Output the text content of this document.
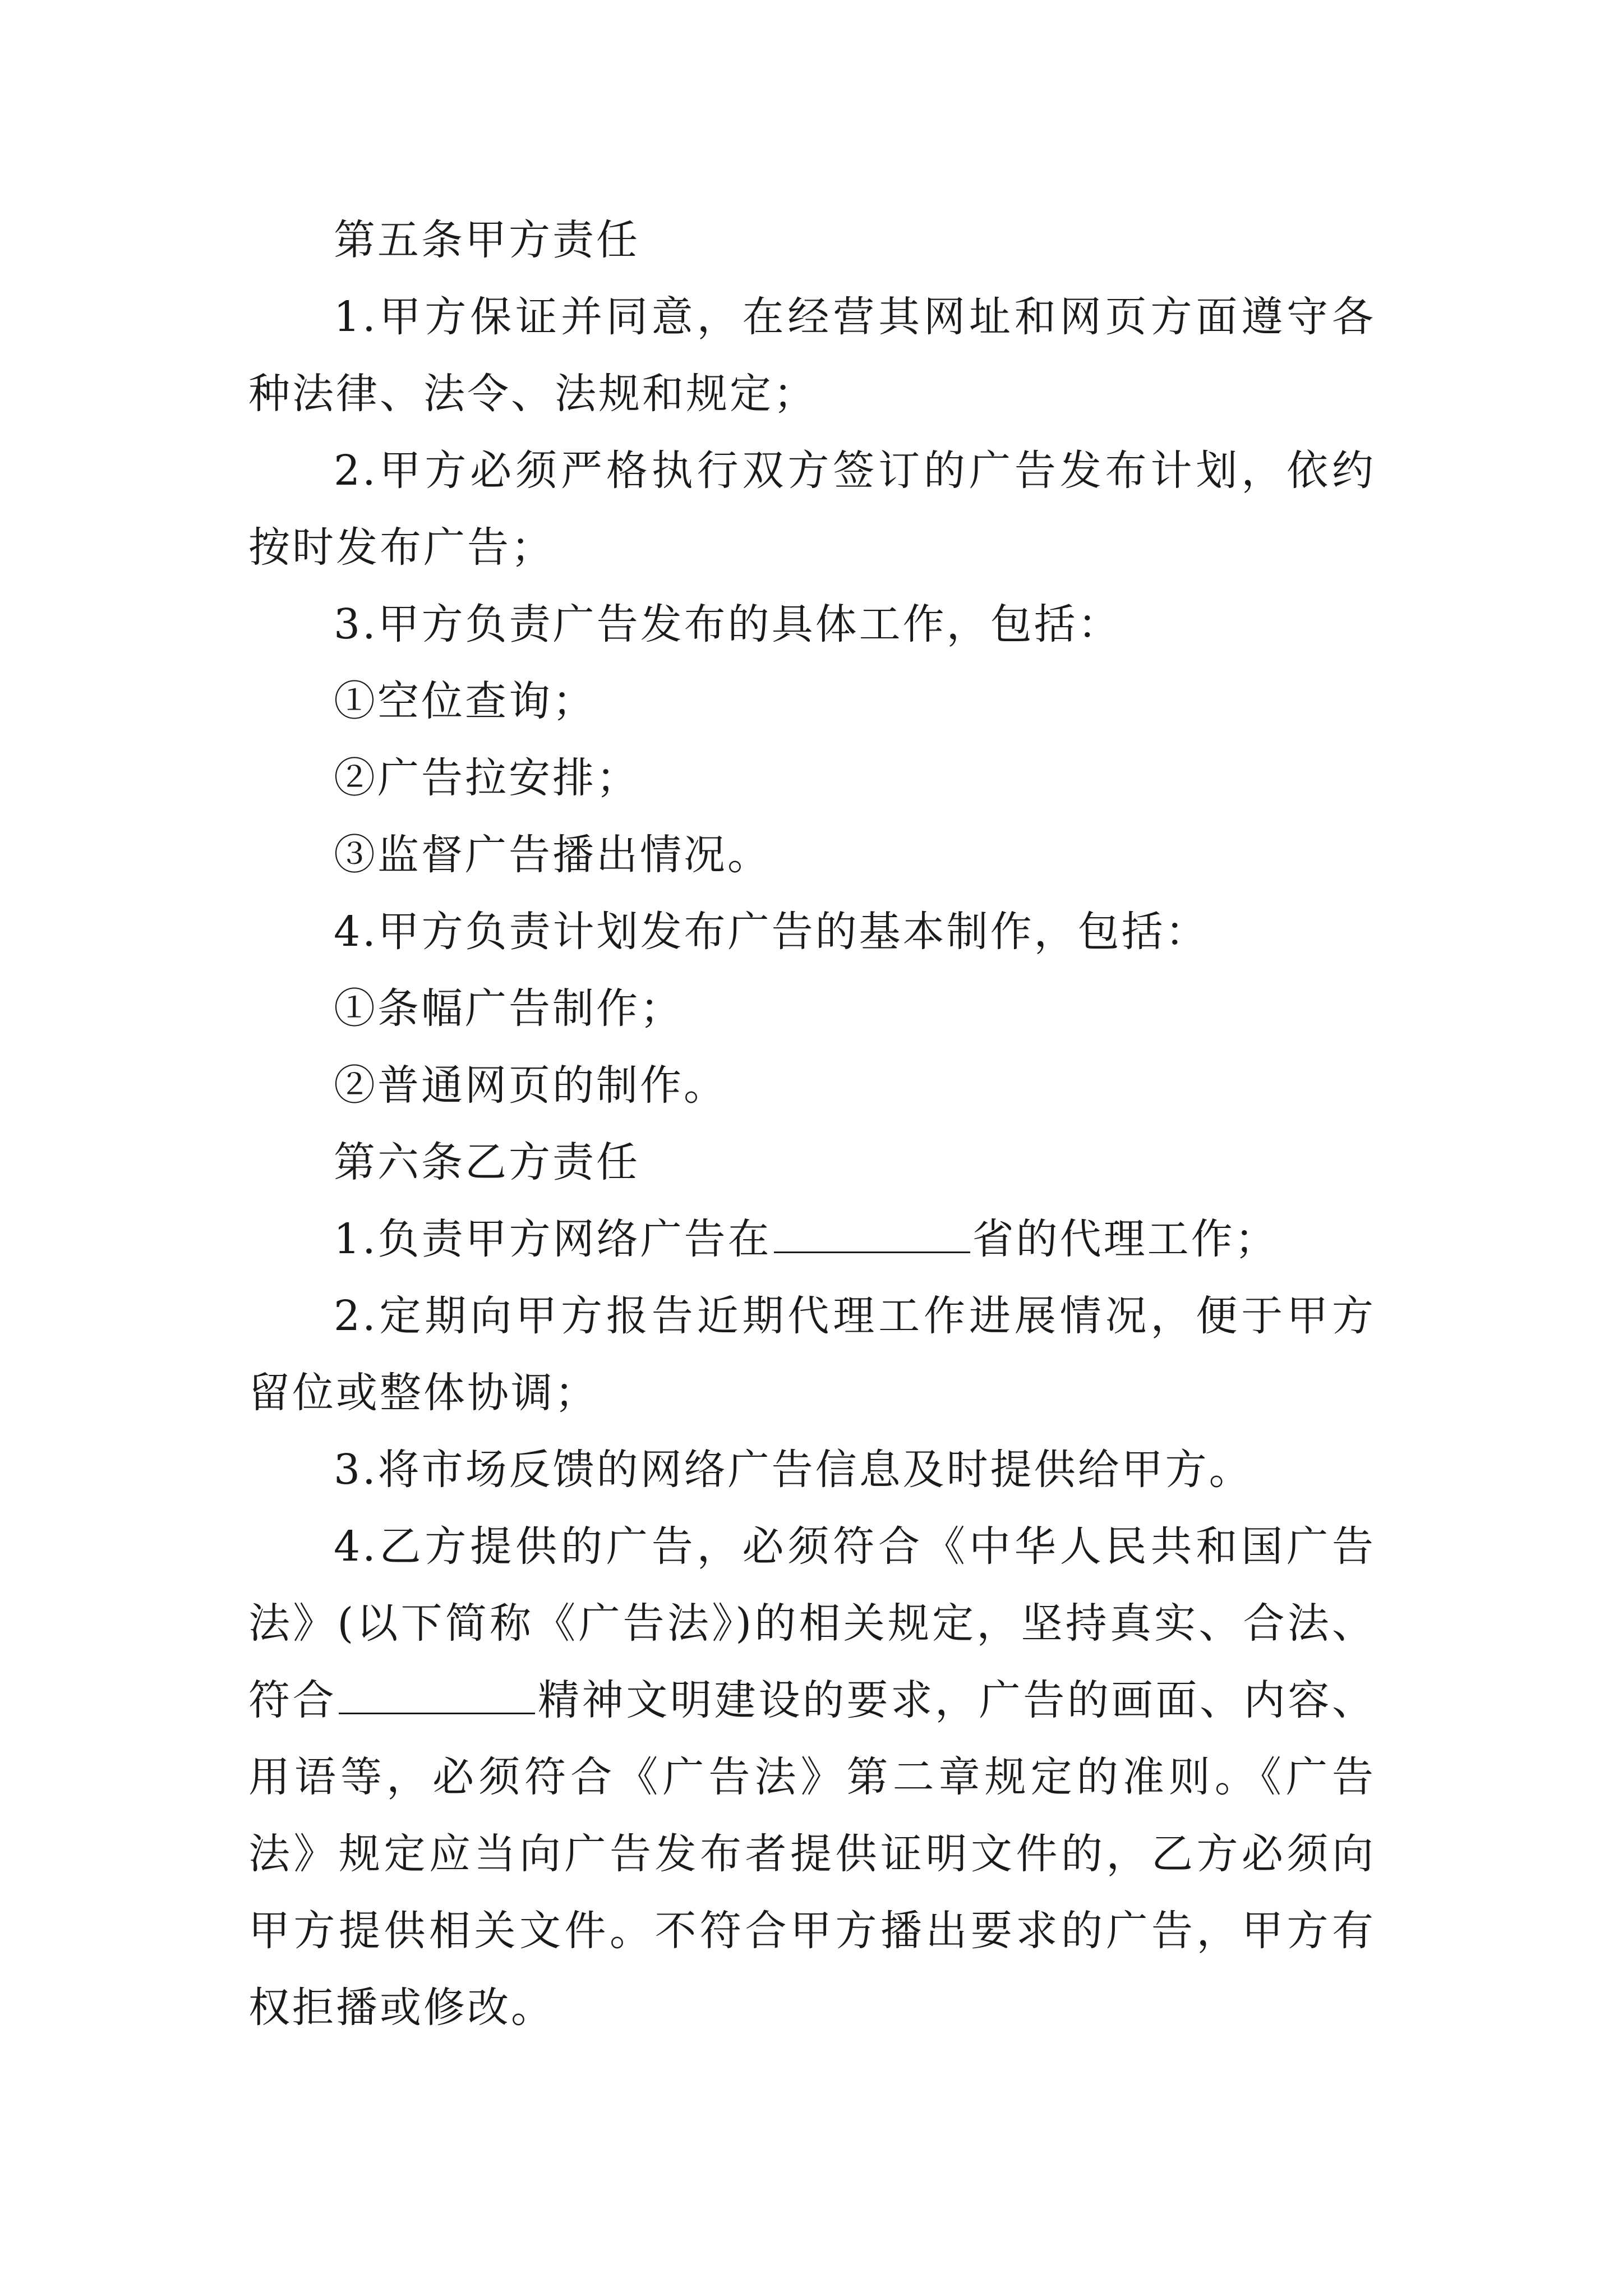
第五条甲方责任

1.甲方保证并同意，在经营其网址和网页方面遵守各种法律、法令、法规和规定；

2.甲方必须严格执行双方签订的广告发布计划，依约按时发布广告；

3.甲方负责广告发布的具体工作，包括：

①空位查询；

②广告拉安排；

③监督广告播出情况。

4.甲方负责计划发布广告的基本制作，包括：

①条幅广告制作；

②普通网页的制作。

第六条乙方责任

1.负责甲方网络广告在	省的代理工作；

2.定期向甲方报告近期代理工作进展情况，便于甲方留位或整体协调；

3.将市场反馈的网络广告信息及时提供给甲方。

4.乙方提供的广告，必须符合《中华人民共和国广告法》(以下简称《广告法》)的相关规定，坚持真实、合法、符合	精神文明建设的要求，广告的画面、内容、用语等，必须符合《广告法》第二章规定的准则。《广告法》规定应当向广告发布者提供证明文件的，乙方必须向甲方提供相关文件。不符合甲方播出要求的广告，甲方有权拒播或修改。
